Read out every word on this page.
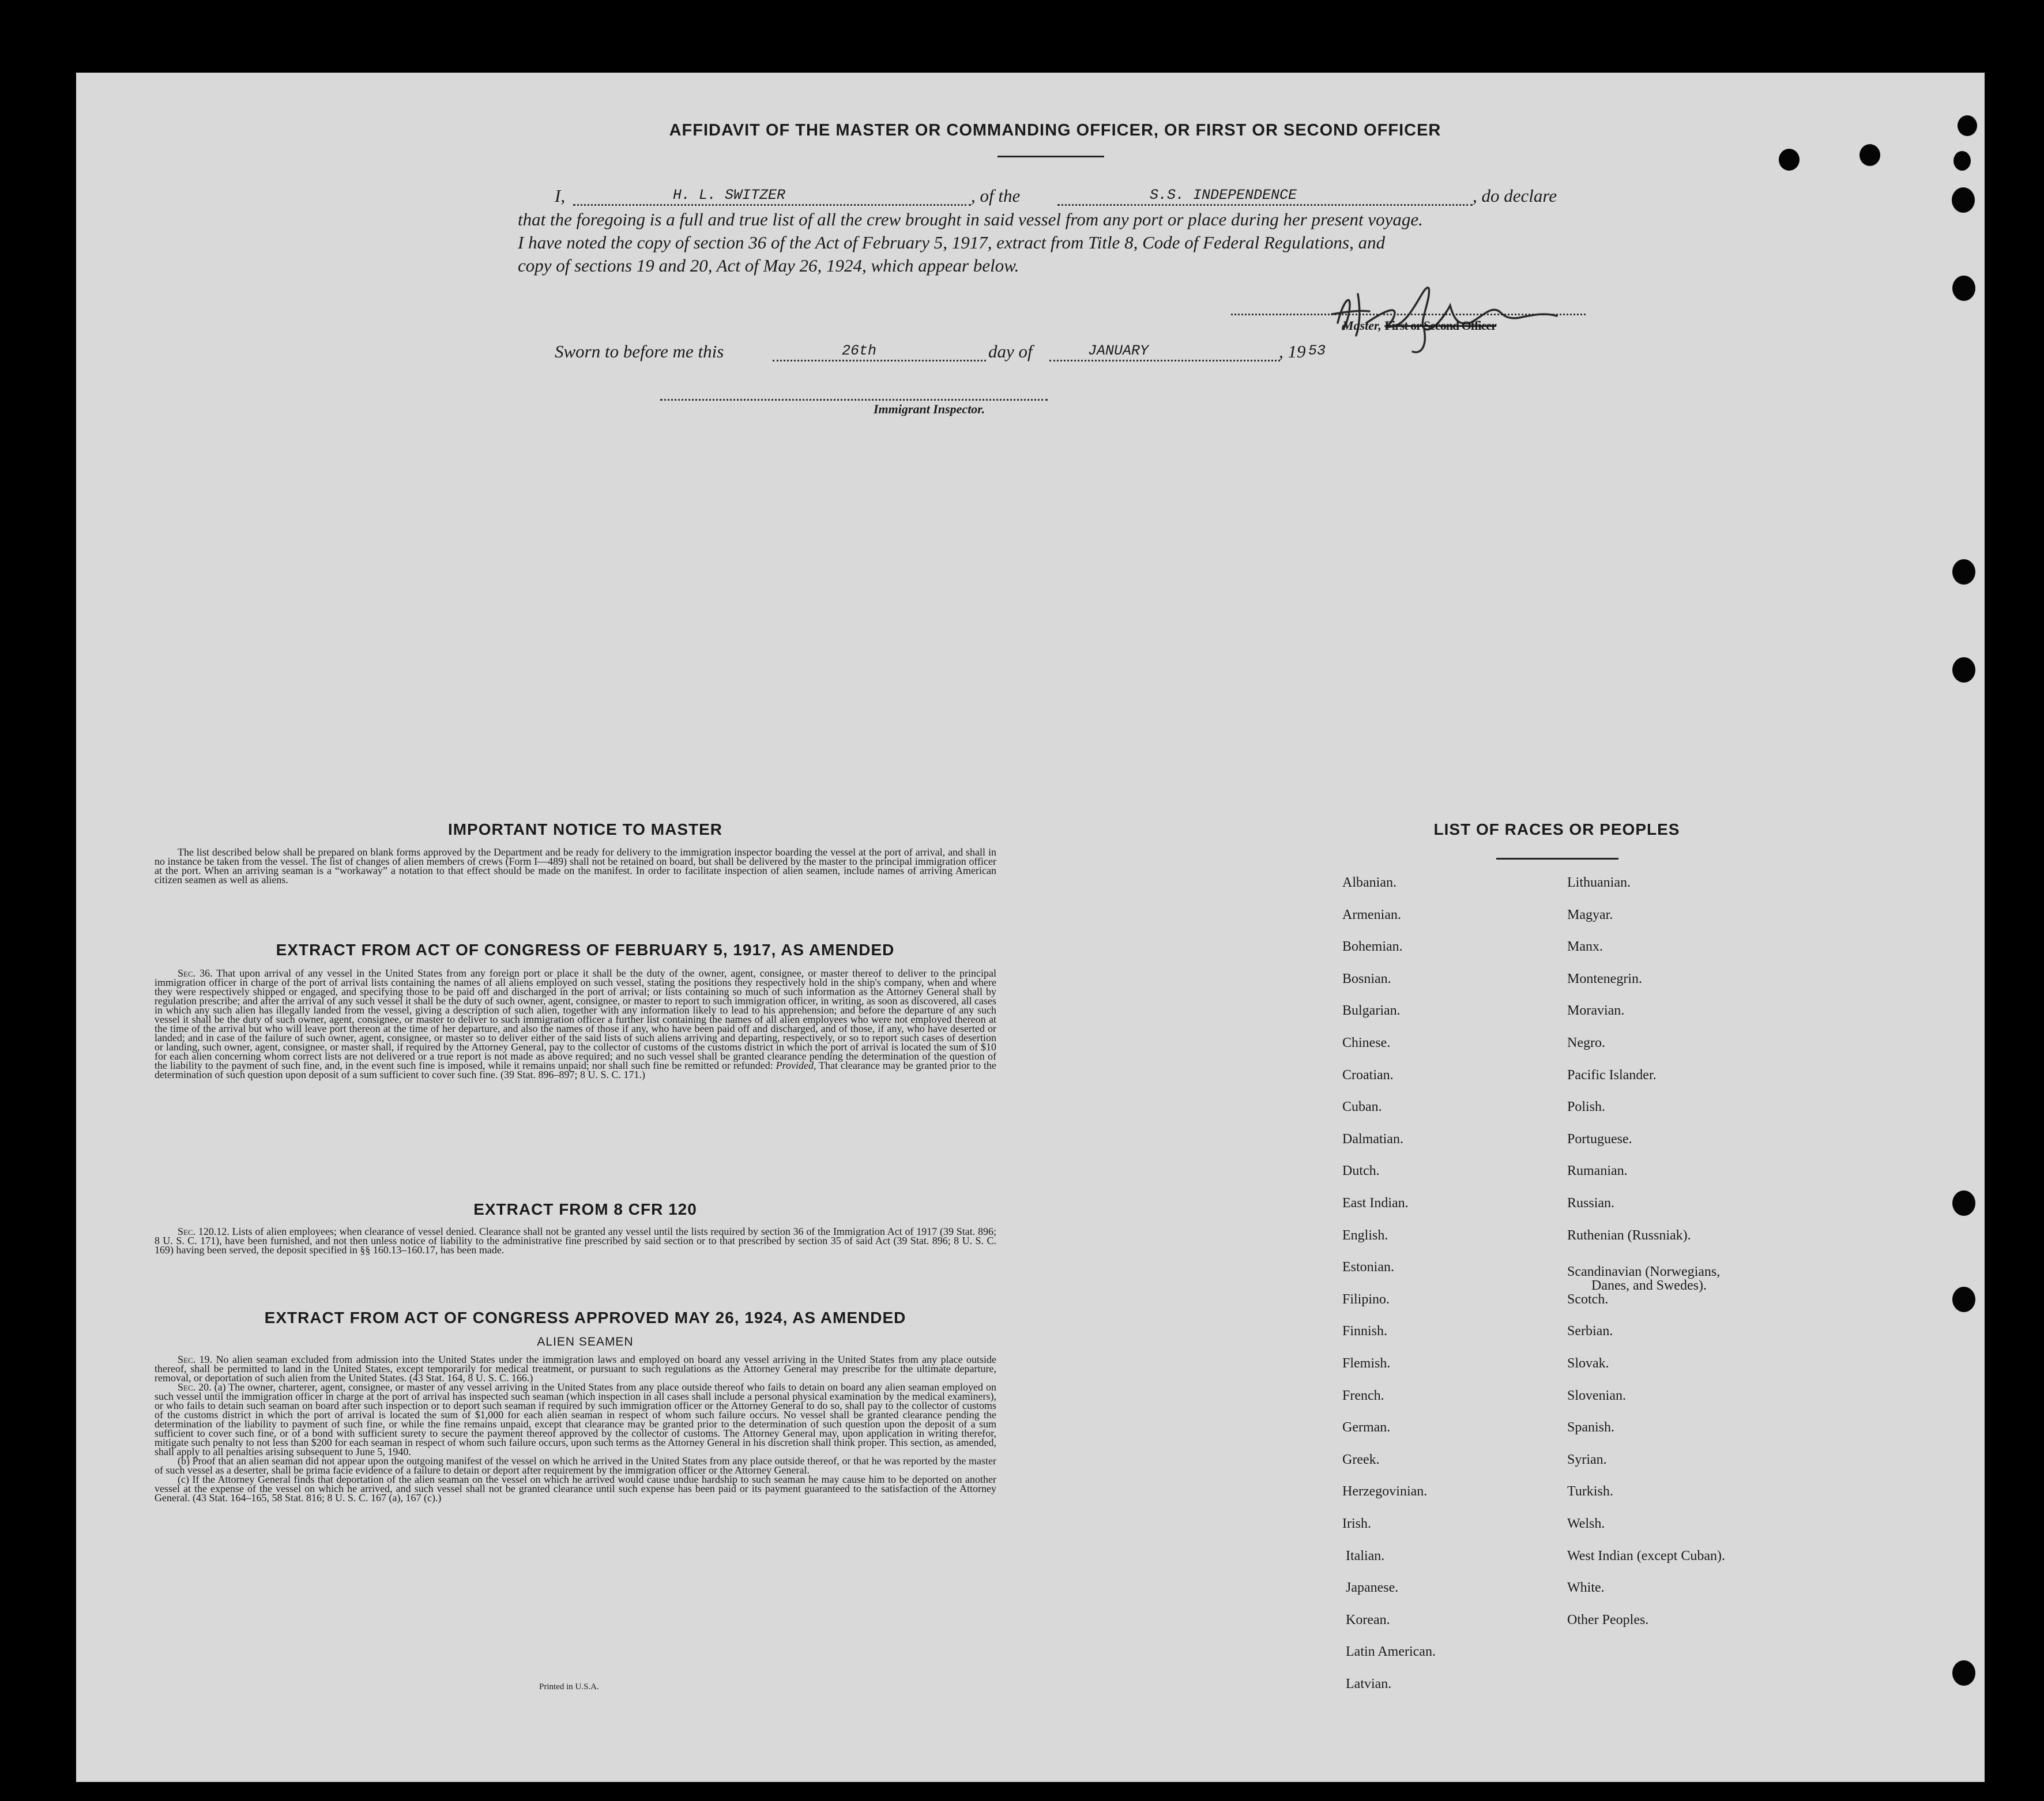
AFFIDAVIT OF THE MASTER OR COMMANDING OFFICER, OR FIRST OR SECOND OFFICER
I,	H. L. SWITZER	, of the	S.S. INDEPENDENCE	, do declare
that the foregoing is a full and true list of all the crew brought in said vessel from any port or place during her present voyage.
I have noted the copy of section 36 of the Act of February 5, 1917, extract from Title 8, Code of Federal Regulations, and
copy of sections 19 and 20, Act of May 26, 1924, which appear below.
Master, First or Second Officer
Sworn to before me this	26th	day of	JANUARY	, 19 53
Immigrant Inspector.
IMPORTANT NOTICE TO MASTER
The list described below shall be prepared on blank forms approved by the Department and be ready for delivery to the immigration inspector boarding the vessel at the port of arrival, and shall in no instance be taken from the vessel. The list of changes of alien members of crews (Form I—489) shall not be retained on board, but shall be delivered by the master to the principal immigration officer at the port. When an arriving seaman is a “workaway” a notation to that effect should be made on the manifest. In order to facilitate inspection of alien seamen, include names of arriving American citizen seamen as well as aliens.
EXTRACT FROM ACT OF CONGRESS OF FEBRUARY 5, 1917, AS AMENDED
Sec. 36. That upon arrival of any vessel in the United States from any foreign port or place it shall be the duty of the owner, agent, consignee, or master thereof to deliver to the principal immigration officer in charge of the port of arrival lists containing the names of all aliens employed on such vessel, stating the positions they respectively hold in the ship's company, when and where they were respectively shipped or engaged, and specifying those to be paid off and discharged in the port of arrival; or lists containing so much of such information as the Attorney General shall by regulation prescribe; and after the arrival of any such vessel it shall be the duty of such owner, agent, consignee, or master to report to such immigration officer, in writing, as soon as discovered, all cases in which any such alien has illegally landed from the vessel, giving a description of such alien, together with any information likely to lead to his apprehension; and before the departure of any such vessel it shall be the duty of such owner, agent, consignee, or master to deliver to such immigration officer a further list containing the names of all alien employees who were not employed thereon at the time of the arrival but who will leave port thereon at the time of her departure, and also the names of those if any, who have been paid off and discharged, and of those, if any, who have deserted or landed; and in case of the failure of such owner, agent, consignee, or master so to deliver either of the said lists of such aliens arriving and departing, respectively, or so to report such cases of desertion or landing, such owner, agent, consignee, or master shall, if required by the Attorney General, pay to the collector of customs of the customs district in which the port of arrival is located the sum of $10 for each alien concerning whom correct lists are not delivered or a true report is not made as above required; and no such vessel shall be granted clearance pending the determination of the question of the liability to the payment of such fine, and, in the event such fine is imposed, while it remains unpaid; nor shall such fine be remitted or refunded: Provided, That clearance may be granted prior to the determination of such question upon deposit of a sum sufficient to cover such fine. (39 Stat. 896–897; 8 U. S. C. 171.)
EXTRACT FROM 8 CFR 120
Sec. 120.12. Lists of alien employees; when clearance of vessel denied. Clearance shall not be granted any vessel until the lists required by section 36 of the Immigration Act of 1917 (39 Stat. 896; 8 U. S. C. 171), have been furnished, and not then unless notice of liability to the administrative fine prescribed by said section or to that prescribed by section 35 of said Act (39 Stat. 896; 8 U. S. C. 169) having been served, the deposit specified in §§ 160.13–160.17, has been made.
EXTRACT FROM ACT OF CONGRESS APPROVED MAY 26, 1924, AS AMENDED
ALIEN SEAMEN

Sec. 19. No alien seaman excluded from admission into the United States under the immigration laws and employed on board any vessel arriving in the United States from any place outside thereof, shall be permitted to land in the United States, except temporarily for medical treatment, or pursuant to such regulations as the Attorney General may prescribe for the ultimate departure, removal, or deportation of such alien from the United States. (43 Stat. 164, 8 U. S. C. 166.)

Sec. 20. (a) The owner, charterer, agent, consignee, or master of any vessel arriving in the United States from any place outside thereof who fails to detain on board any alien seaman employed on such vessel until the immigration officer in charge at the port of arrival has inspected such seaman (which inspection in all cases shall include a personal physical examination by the medical examiners), or who fails to detain such seaman on board after such inspection or to deport such seaman if required by such immigration officer or the Attorney General to do so, shall pay to the collector of customs of the customs district in which the port of arrival is located the sum of $1,000 for each alien seaman in respect of whom such failure occurs. No vessel shall be granted clearance pending the determination of the liability to payment of such fine, or while the fine remains unpaid, except that clearance may be granted prior to the determination of such question upon the deposit of a sum sufficient to cover such fine, or of a bond with sufficient surety to secure the payment thereof approved by the collector of customs. The Attorney General may, upon application in writing therefor, mitigate such penalty to not less than $200 for each seaman in respect of whom such failure occurs, upon such terms as the Attorney General in his discretion shall think proper. This section, as amended, shall apply to all penalties arising subsequent to June 5, 1940.

(b) Proof that an alien seaman did not appear upon the outgoing manifest of the vessel on which he arrived in the United States from any place outside thereof, or that he was reported by the master of such vessel as a deserter, shall be prima facie evidence of a failure to detain or deport after requirement by the immigration officer or the Attorney General.

(c) If the Attorney General finds that deportation of the alien seaman on the vessel on which he arrived would cause undue hardship to such seaman he may cause him to be deported on another vessel at the expense of the vessel on which he arrived, and such vessel shall not be granted clearance until such expense has been paid or its payment guaranteed to the satisfaction of the Attorney General. (43 Stat. 164–165, 58 Stat. 816; 8 U. S. C. 167 (a), 167 (c).)

Printed in U.S.A.
LIST OF RACES OR PEOPLES
Albanian.
Armenian.
Bohemian.
Bosnian.
Bulgarian.
Chinese.
Croatian.
Cuban.
Dalmatian.
Dutch.
East Indian.
English.
Estonian.
Filipino.
Finnish.
Flemish.
French.
German.
Greek.
Herzegovinian.
Irish.
Italian.
Japanese.
Korean.
Latin American.
Latvian.
Lithuanian.
Magyar.
Manx.
Montenegrin.
Moravian.
Negro.
Pacific Islander.
Polish.
Portuguese.
Rumanian.
Russian.
Ruthenian (Russniak).
Scandinavian (Norwegians,
Danes, and Swedes).
Scotch.
Serbian.
Slovak.
Slovenian.
Spanish.
Syrian.
Turkish.
Welsh.
West Indian (except Cuban).
White.
Other Peoples.
